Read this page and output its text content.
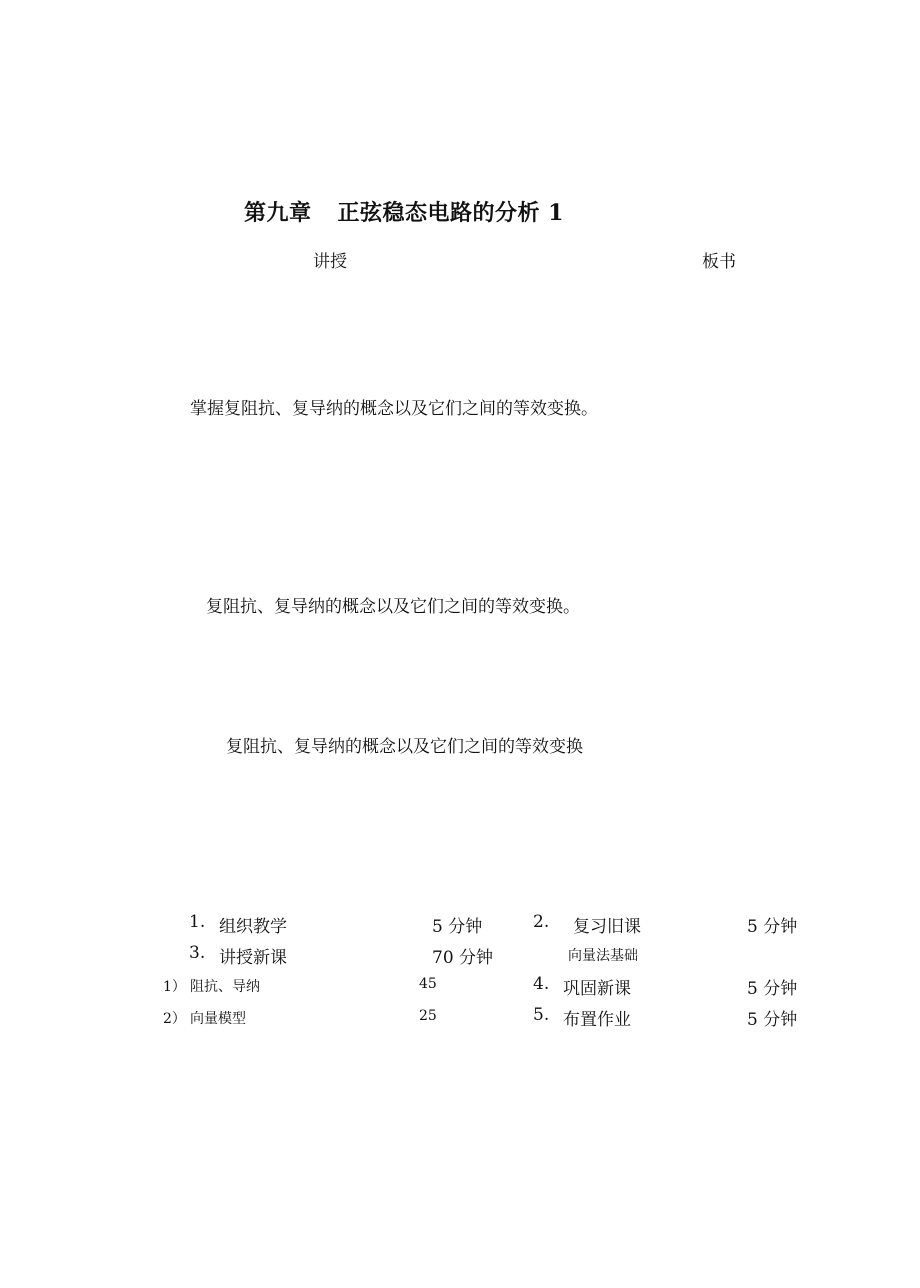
第九章 正弦稳态电路的分析 1
讲授	板书
掌握复阻抗、复导纳的概念以及它们之间的等效变换。
复阻抗、复导纳的概念以及它们之间的等效变换。
复阻抗、复导纳的概念以及它们之间的等效变换
1. 组织教学	5 分钟
3. 讲授新课	70 分钟
1） 阻抗、导纳	45
2） 向量模型	25
2. 复习旧课	5 分钟
向量法基础
4. 巩固新课	5 分钟
5. 布置作业	5 分钟
